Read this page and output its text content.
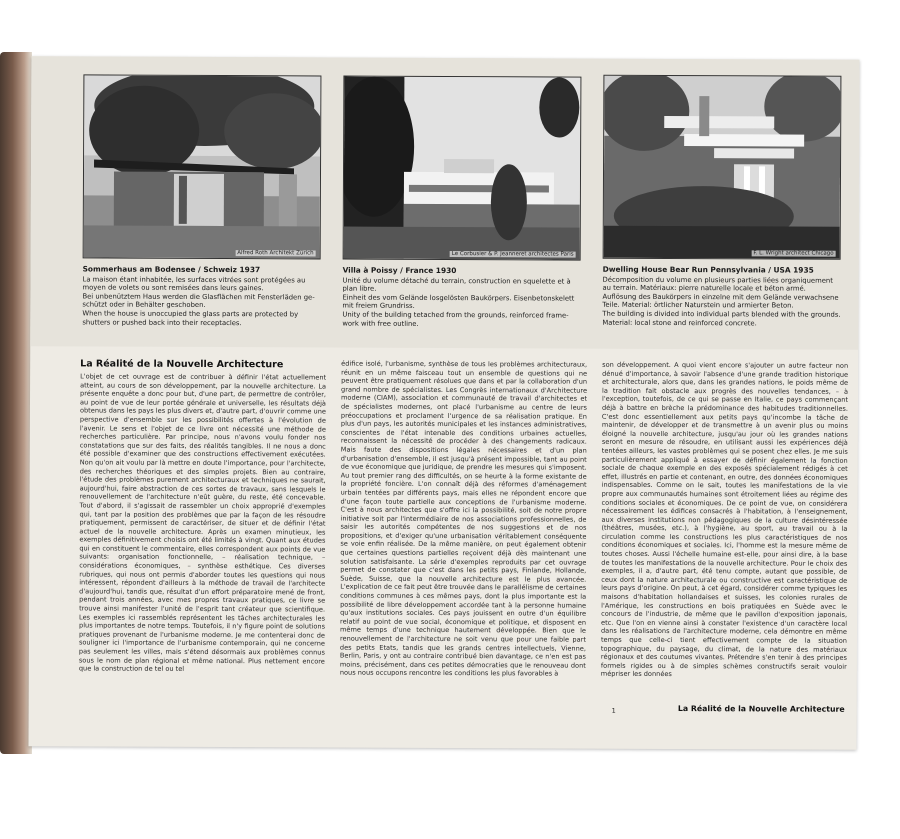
Alfred Roth Architekt Zürich	Le Corbusier & P. Jeanneret architectes Paris	F. L. Wright architect Chicago
Sommerhaus am Bodensee / Schweiz 1937
La maison étant inhabitée, les surfaces vitrées sont protégées au
moyen de volets ou sont remisées dans leurs gaines.
Bei unbenütztem Haus werden die Glasflächen mit Fensterläden ge-
schützt oder in Behälter geschoben.
When the house is unoccupied the glass parts are protected by
shutters or pushed back into their receptacles.
Villa à Poissy / France 1930
Unité du volume détaché du terrain, construction en squelette et à
plan libre.
Einheit des vom Gelände losgelösten Baukörpers. Eisenbetonskelett
mit freiem Grundriss.
Unity of the building tetached from the grounds, reinforced frame-
work with free outline.
Dwelling House Bear Run Pennsylvania / USA 1935
Décomposition du volume en plusieurs parties liées organiquement
au terrain. Matériaux: pierre naturelle locale et béton armé.
Auflösung des Baukörpers in einzelne mit dem Gelände verwachsene
Teile. Material: örtlicher Naturstein und armierter Beton.
The building is divided into individual parts blended with the grounds.
Material: local stone and reinforced concrete.
La Réalité de la Nouvelle Architecture

L'objet de cet ouvrage est de contribuer à définir l'état actuellement atteint, au cours de son développement, par la nouvelle architecture. La présente enquête a donc pour but, d'une part, de permettre de contrôler, au point de vue de leur portée générale et universelle, les résultats déjà obtenus dans les pays les plus divers et, d'autre part, d'ouvrir comme une perspective d'ensemble sur les possibilités offertes à l'évolution de l'avenir. Le sens et l'objet de ce livre ont nécessité une méthode de recherches particulière. Par principe, nous n'avons voulu fonder nos constatations que sur des faits, des réalités tangibles. Il ne nous a donc été possible d'examiner que des constructions effectivement exécutées. Non qu'on ait voulu par là mettre en doute l'importance, pour l'architecte, des recherches théoriques et des simples projets. Bien au contraire, l'étude des problèmes purement architecturaux et techniques ne saurait, aujourd'hui, faire abstraction de ces sortes de travaux, sans lesquels le renouvellement de l'architecture n'eût guère, du reste, été concevable. Tout d'abord, il s'agissait de rassembler un choix approprié d'exemples qui, tant par la position des problèmes que par la façon de les résoudre pratiquement, permissent de caractériser, de situer et de définir l'état actuel de la nouvelle architecture. Après un examen minutieux, les exemples définitivement choisis ont été limités à vingt. Quant aux études qui en constituent le commentaire, elles correspondent aux points de vue suivants: organisation fonctionnelle, – réalisation technique, – considérations économiques, – synthèse esthétique. Ces diverses rubriques, qui nous ont permis d'aborder toutes les questions qui nous intéressent, répondent d'ailleurs à la méthode de travail de l'architecte d'aujourd'hui, tandis que, résultat d'un effort préparatoire mené de front, pendant trois années, avec mes propres travaux pratiques, ce livre se trouve ainsi manifester l'unité de l'esprit tant créateur que scientifique. Les exemples ici rassemblés représentent les tâches architecturales les plus importantes de notre temps. Toutefois, il n'y figure point de solutions pratiques provenant de l'urbanisme moderne. Je me contenterai donc de souligner ici l'importance de l'urbanisme contemporain, qui ne concerne pas seulement les villes, mais s'étend désormais aux problèmes connus sous le nom de plan régional et même national. Plus nettement encore que la construction de tel ou tel

édifice isolé, l'urbanisme, synthèse de tous les problèmes architecturaux, réunit en un même faisceau tout un ensemble de questions qui ne peuvent être pratiquement résolues que dans et par la collaboration d'un grand nombre de spécialistes. Les Congrès internationaux d'Architecture moderne (CIAM), association et communauté de travail d'architectes et de spécialistes modernes, ont placé l'urbanisme au centre de leurs préoccupations et proclament l'urgence de sa réalisation pratique. En plus d'un pays, les autorités municipales et les instances administratives, conscientes de l'état intenable des conditions urbaines actuelles, reconnaissent la nécessité de procéder à des changements radicaux. Mais faute des dispositions légales nécessaires et d'un plan d'urbanisation d'ensemble, il est jusqu'à présent impossible, tant au point de vue économique que juridique, de prendre les mesures qui s'imposent. Au tout premier rang des difficultés, on se heurte à la forme existante de la propriété foncière. L'on connaît déjà des réformes d'aménagement urbain tentées par différents pays, mais elles ne répondent encore que d'une façon toute partielle aux conceptions de l'urbanisme moderne. C'est à nous architectes que s'offre ici la possibilité, soit de notre propre initiative soit par l'intermédiaire de nos associations professionnelles, de saisir les autorités compétentes de nos suggestions et de nos propositions, et d'exiger qu'une urbanisation véritablement conséquente se voie enfin réalisée. De la même manière, on peut également obtenir que certaines questions partielles reçoivent déjà dès maintenant une solution satisfaisante. La série d'exemples reproduits par cet ouvrage permet de constater que c'est dans les petits pays, Finlande, Hollande, Suède, Suisse, que la nouvelle architecture est le plus avancée. L'explication de ce fait peut être trouvée dans le parallélisme de certaines conditions communes à ces mêmes pays, dont la plus importante est la possibilité de libre développement accordée tant à la personne humaine qu'aux institutions sociales. Ces pays jouissent en outre d'un équilibre relatif au point de vue social, économique et politique, et disposent en même temps d'une technique hautement développée. Bien que le renouvellement de l'architecture ne soit venu que pour une faible part des petits Etats, tandis que les grands centres intellectuels, Vienne, Berlin, Paris, y ont au contraire contribué bien davantage, ce n'en est pas moins, précisément, dans ces petites démocraties que le renouveau dont nous nous occupons rencontre les conditions les plus favorables à

son développement. A quoi vient encore s'ajouter un autre facteur non dénué d'importance, à savoir l'absence d'une grande tradition historique et architecturale, alors que, dans les grandes nations, le poids même de la tradition fait obstacle aux progrès des nouvelles tendances, – à l'exception, toutefois, de ce qui se passe en Italie, ce pays commençant déjà à battre en brèche la prédominance des habitudes traditionnelles. C'est donc essentiellement aux petits pays qu'incombe la tâche de maintenir, de développer et de transmettre à un avenir plus ou moins éloigné la nouvelle architecture, jusqu'au jour où les grandes nations seront en mesure de résoudre, en utilisant aussi les expériences déjà tentées ailleurs, les vastes problèmes qui se posent chez elles. Je me suis particulièrement appliqué à essayer de définir également la fonction sociale de chaque exemple en des exposés spécialement rédigés à cet effet, illustrés en partie et contenant, en outre, des données économiques indispensables. Comme on le sait, toutes les manifestations de la vie propre aux communautés humaines sont étroitement liées au régime des conditions sociales et économiques. De ce point de vue, on considérera nécessairement les édifices consacrés à l'habitation, à l'enseignement, aux diverses institutions non pédagogiques de la culture désintéressée (théâtres, musées, etc.), à l'hygiène, au sport, au travail ou à la circulation comme les constructions les plus caractéristiques de nos conditions économiques et sociales. Ici, l'homme est la mesure même de toutes choses. Aussi l'échelle humaine est-elle, pour ainsi dire, à la base de toutes les manifestations de la nouvelle architecture. Pour le choix des exemples, il a, d'autre part, été tenu compte, autant que possible, de ceux dont la nature architecturale ou constructive est caractéristique de leurs pays d'origine. On peut, à cet égard, considérer comme typiques les maisons d'habitation hollandaises et suisses, les colonies rurales de l'Amérique, les constructions en bois pratiquées en Suède avec le concours de l'industrie, de même que le pavillon d'exposition japonais, etc. Que l'on en vienne ainsi à constater l'existence d'un caractère local dans les réalisations de l'architecture moderne, cela démontre en même temps que celle-ci tient effectivement compte de la situation topographique, du paysage, du climat, de la nature des matériaux régionaux et des coutumes vivantes. Prétendre s'en tenir à des principes formels rigides ou à de simples schèmes constructifs serait vouloir mépriser les données

1	La Réalité de la Nouvelle Architecture
